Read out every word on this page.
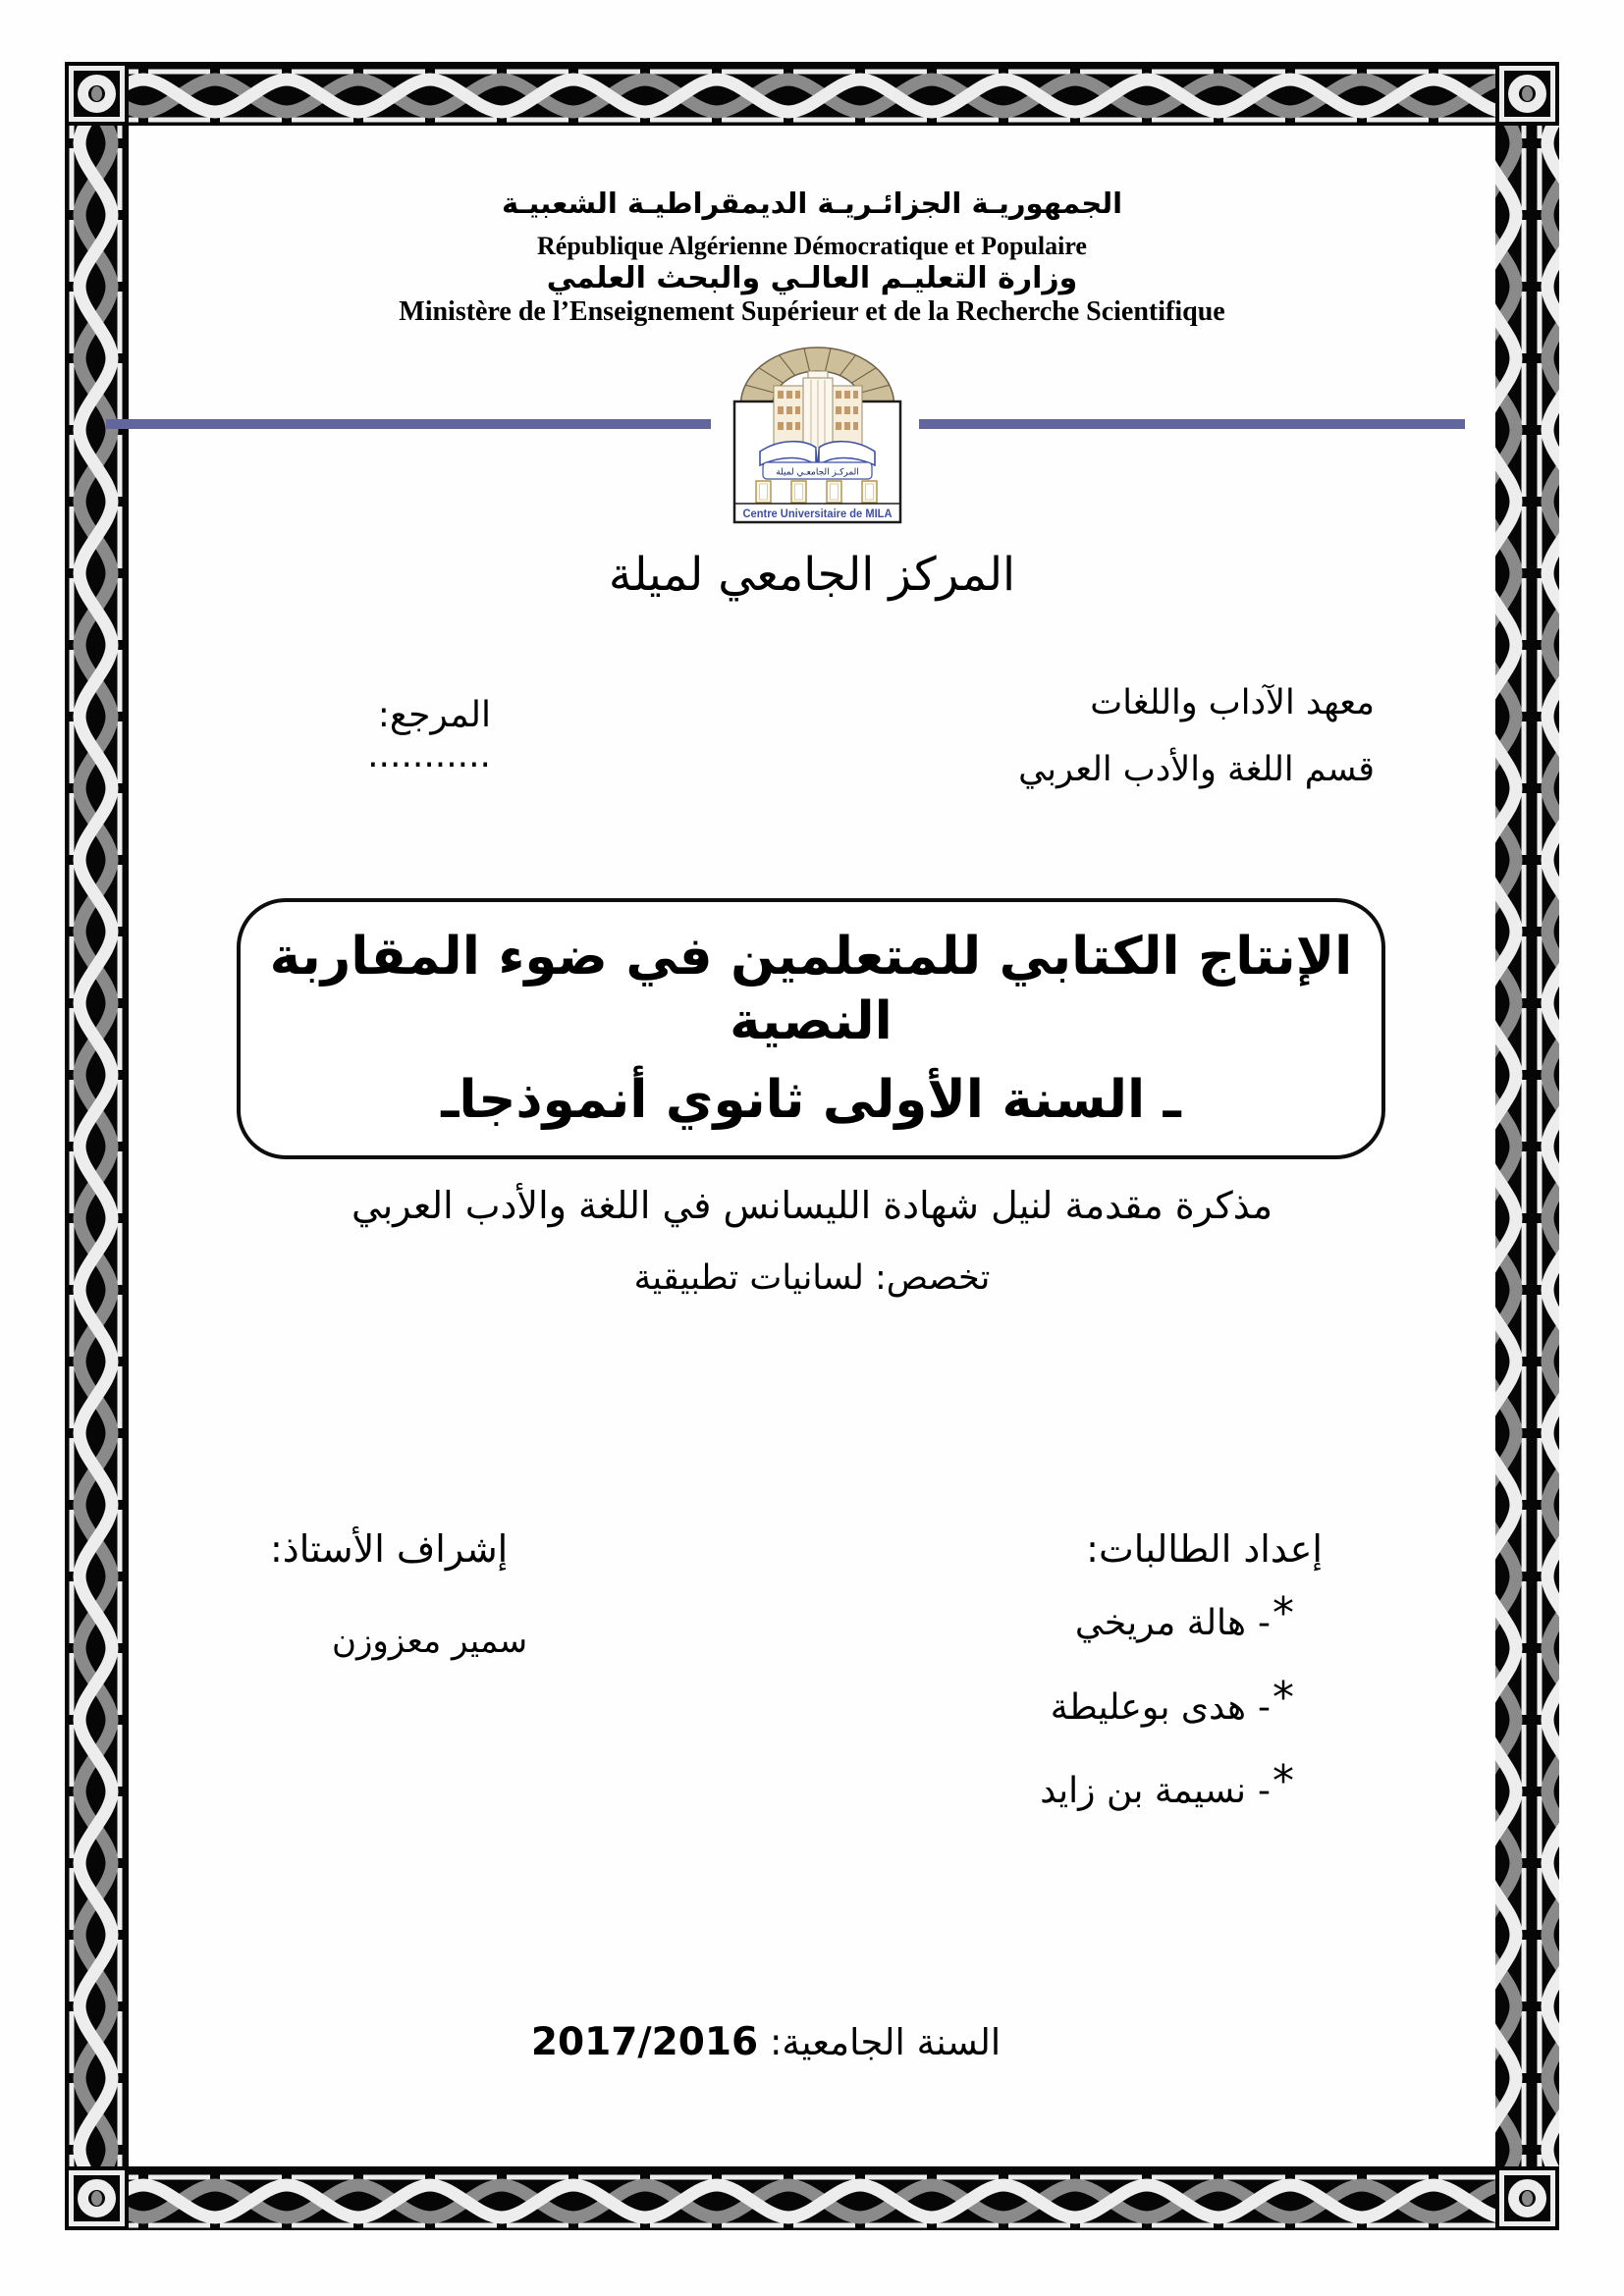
الجمهوريـة الجزائـريـة الديمقراطيـة الشعبيـة
République Algérienne Démocratique et Populaire
وزارة التعليـم العالـي والبحث العلمي
Ministère de l’Enseignement Supérieur et de la Recherche Scientifique
المركـز الجامعـي لميلة
Centre Universitaire de MILA
المركز الجامعي لميلة
معهد الآداب واللغات
قسم اللغة والأدب العربي
المرجع: ...........
الإنتاج الكتابي للمتعلمين في ضوء المقاربة النصية
ـ السنة الأولى ثانوي أنموذجاـ
مذكرة مقدمة لنيل شهادة الليسانس في اللغة والأدب العربي
تخصص: لسانيات تطبيقية
إعداد الطالبات:
إشراف الأستاذ:
هالة مريخي - *
هدى بوعليطة - *
نسيمة بن زايد - *
سمير معزوزن
السنة الجامعية: 2017/2016
